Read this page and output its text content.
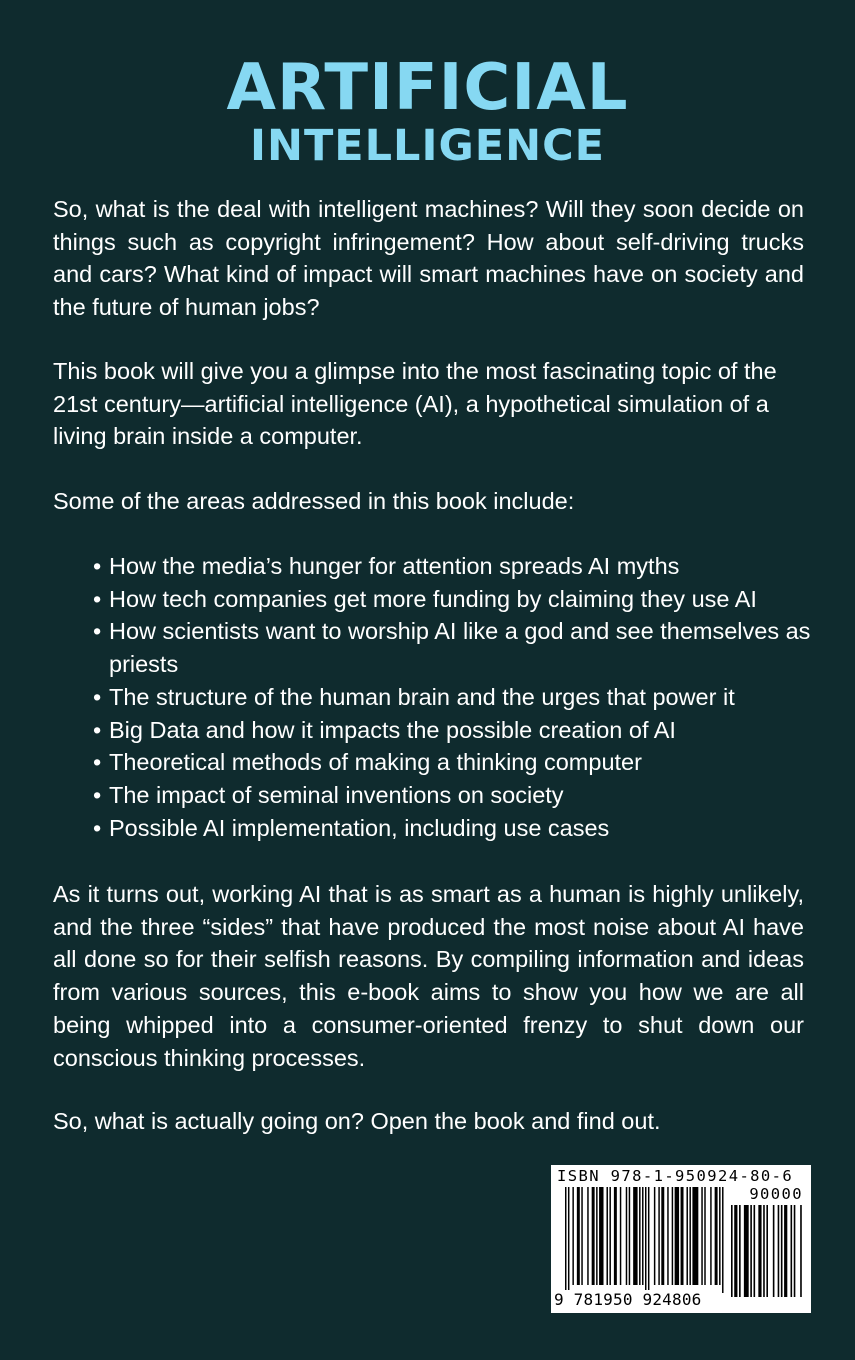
ARTIFICIAL
INTELLIGENCE
So, what is the deal with intelligent machines? Will they soon decide on things such as copyright infringement? How about self-driving trucks and cars? What kind of impact will smart machines have on society and the future of human jobs?
This book will give you a glimpse into the most fascinating topic of the 21st century—artificial intelligence (AI), a hypothetical simulation of a living brain inside a computer.
Some of the areas addressed in this book include:
• How the media’s hunger for attention spreads AI myths
• How tech companies get more funding by claiming they use AI
• How scientists want to worship AI like a god and see themselves as priests
• The structure of the human brain and the urges that power it
• Big Data and how it impacts the possible creation of AI
• Theoretical methods of making a thinking computer
• The impact of seminal inventions on society
• Possible AI implementation, including use cases
As it turns out, working AI that is as smart as a human is highly unlikely, and the three “sides” that have produced the most noise about AI have all done so for their selfish reasons. By compiling information and ideas from various sources, this e-book aims to show you how we are all being whipped into a consumer-oriented frenzy to shut down our conscious thinking processes.
So, what is actually going on? Open the book and find out.
ISBN 978-1-950924-80-6
90000
9 781950 924806
